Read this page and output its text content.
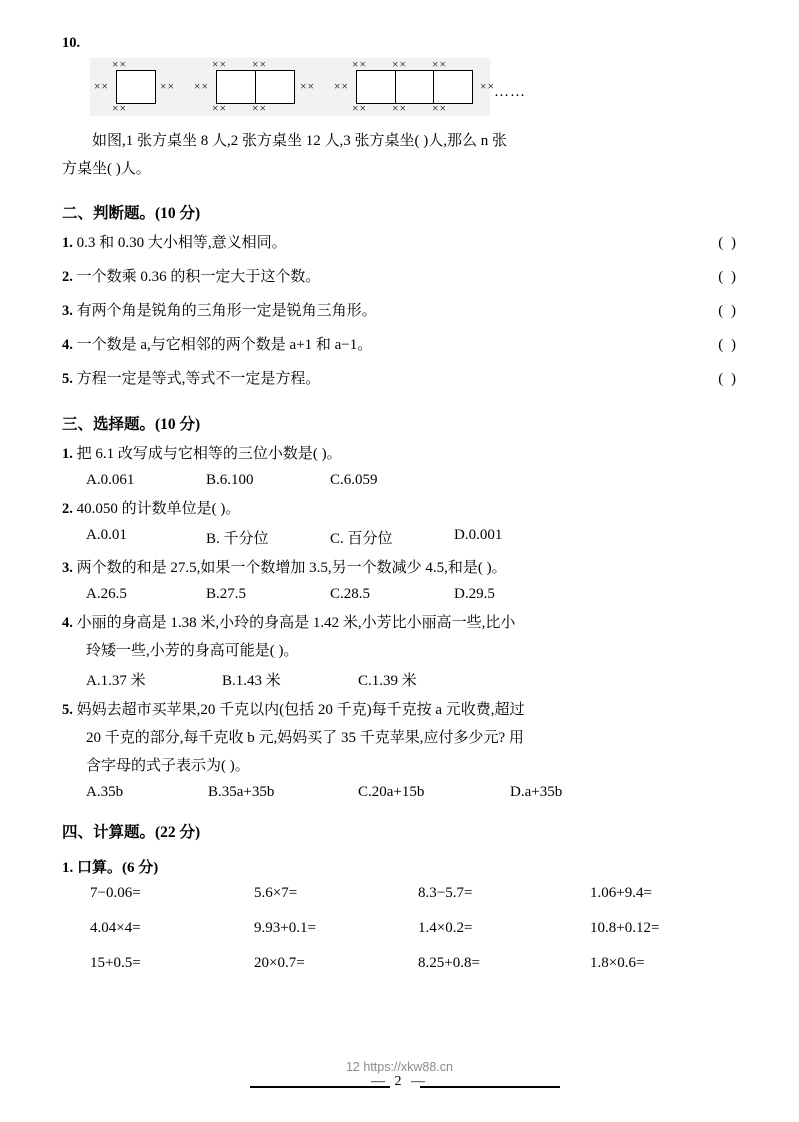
10.
××
××
××	××
×× ××
×× ××
××	××
×× ×× ××
×× ×× ××
××	×× ……
如图,1 张方桌坐 8 人,2 张方桌坐 12 人,3 张方桌坐( )人,那么 n 张
方桌坐( )人。
二、判断题。(10 分)
1. 0.3 和 0.30 大小相等,意义相同。	( )
2. 一个数乘 0.36 的积一定大于这个数。	( )
3. 有两个角是锐角的三角形一定是锐角三角形。	( )
4. 一个数是 a,与它相邻的两个数是 a+1 和 a−1。	( )
5. 方程一定是等式,等式不一定是方程。	( )
三、选择题。(10 分)
1. 把 6.1 改写成与它相等的三位小数是( )。
A.0.061	B.6.100	C.6.059
2. 40.050 的计数单位是( )。
A.0.01	B. 千分位	C. 百分位	D.0.001
3. 两个数的和是 27.5,如果一个数增加 3.5,另一个数减少 4.5,和是( )。
A.26.5	B.27.5	C.28.5	D.29.5
4. 小丽的身高是 1.38 米,小玲的身高是 1.42 米,小芳比小丽高一些,比小
玲矮一些,小芳的身高可能是( )。
A.1.37 米	B.1.43 米	C.1.39 米
5. 妈妈去超市买苹果,20 千克以内(包括 20 千克)每千克按 a 元收费,超过
20 千克的部分,每千克收 b 元,妈妈买了 35 千克苹果,应付多少元? 用
含字母的式子表示为( )。
A.35b	B.35a+35b	C.20a+15b	D.a+35b
四、计算题。(22 分)
1. 口算。(6 分)
7−0.06=	5.6×7=	8.3−5.7=	1.06+9.4=
4.04×4=	9.93+0.1=	1.4×0.2=	10.8+0.12=
15+0.5=	20×0.7=	8.25+0.8=	1.8×0.6=
12 https://xkw88.cn
— 2 —
